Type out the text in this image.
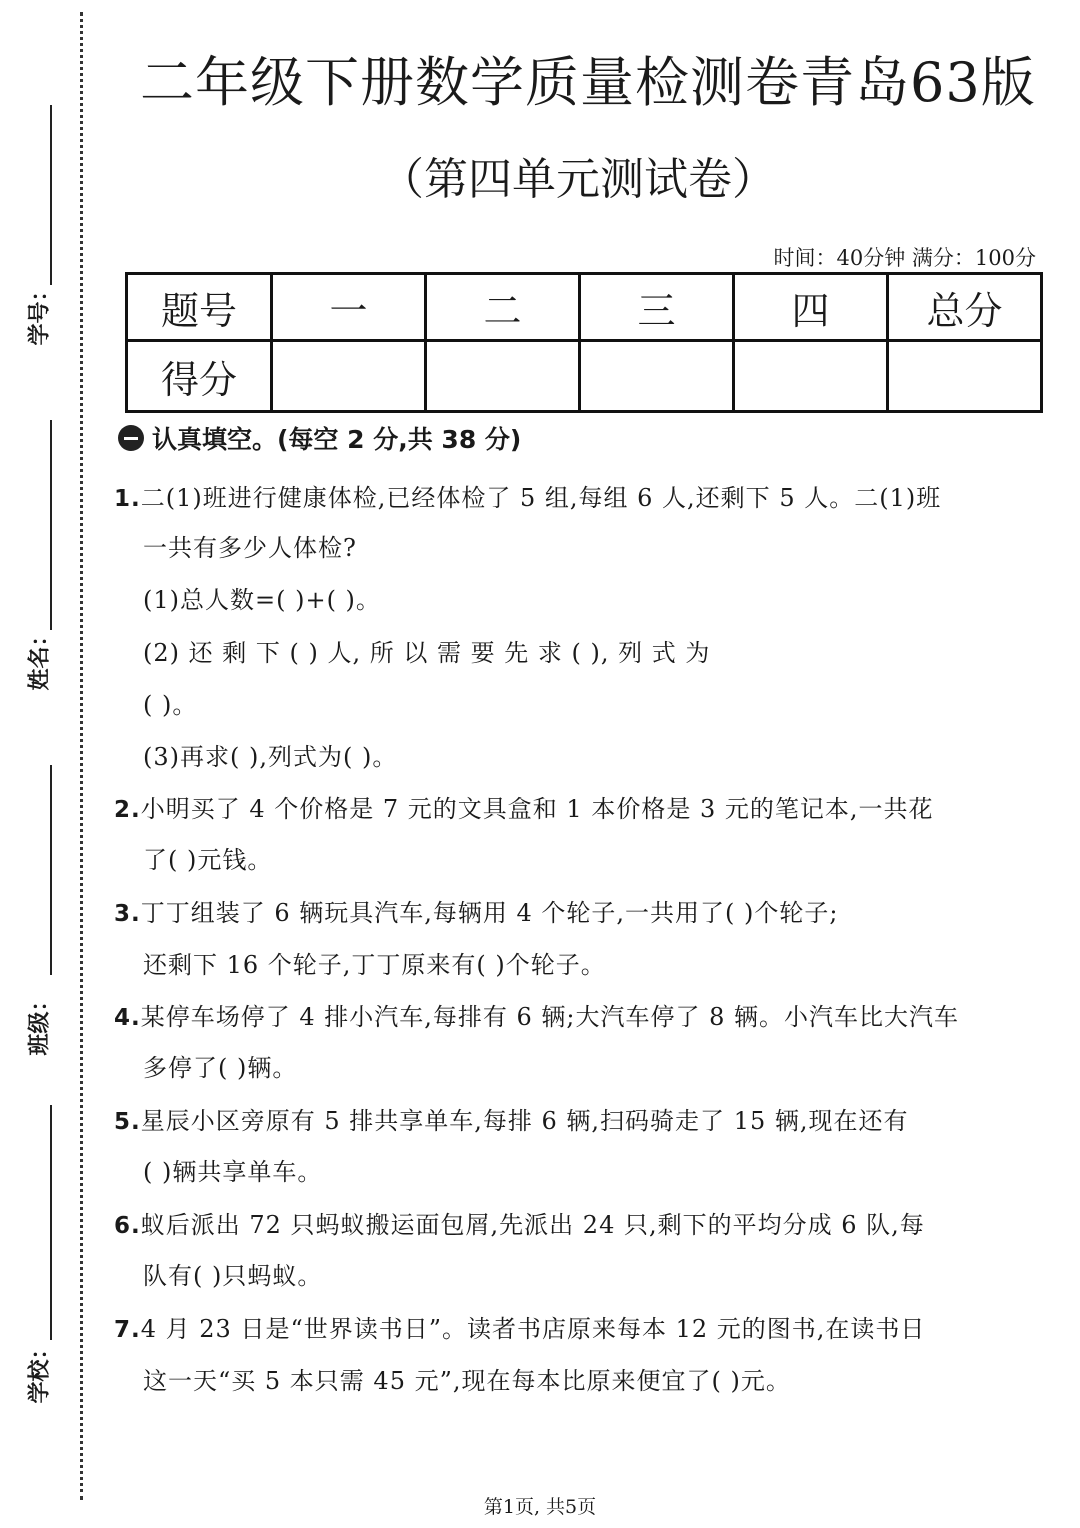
学号：
姓名：
班级：
学校：
二年级下册数学质量检测卷青岛63版
（第四单元测试卷）
时间：40分钟 满分：100分
题号	一	二	三	四	总分
得分					
认真填空。(每空 2 分,共 38 分)
1.二(1)班进行健康体检,已经体检了 5 组,每组 6 人,还剩下 5 人。二(1)班
一共有多少人体检?
(1)总人数=( )+( )。
(2) 还 剩 下 ( ) 人, 所 以 需 要 先 求 ( ), 列 式 为
( )。
(3)再求( ),列式为( )。
2.小明买了 4 个价格是 7 元的文具盒和 1 本价格是 3 元的笔记本,一共花
了( )元钱。
3.丁丁组装了 6 辆玩具汽车,每辆用 4 个轮子,一共用了( )个轮子;
还剩下 16 个轮子,丁丁原来有( )个轮子。
4.某停车场停了 4 排小汽车,每排有 6 辆;大汽车停了 8 辆。小汽车比大汽车
多停了( )辆。
5.星辰小区旁原有 5 排共享单车,每排 6 辆,扫码骑走了 15 辆,现在还有
( )辆共享单车。
6.蚁后派出 72 只蚂蚁搬运面包屑,先派出 24 只,剩下的平均分成 6 队,每
队有( )只蚂蚁。
7.4 月 23 日是“世界读书日”。读者书店原来每本 12 元的图书,在读书日
这一天“买 5 本只需 45 元”,现在每本比原来便宜了( )元。
第1页, 共5页
